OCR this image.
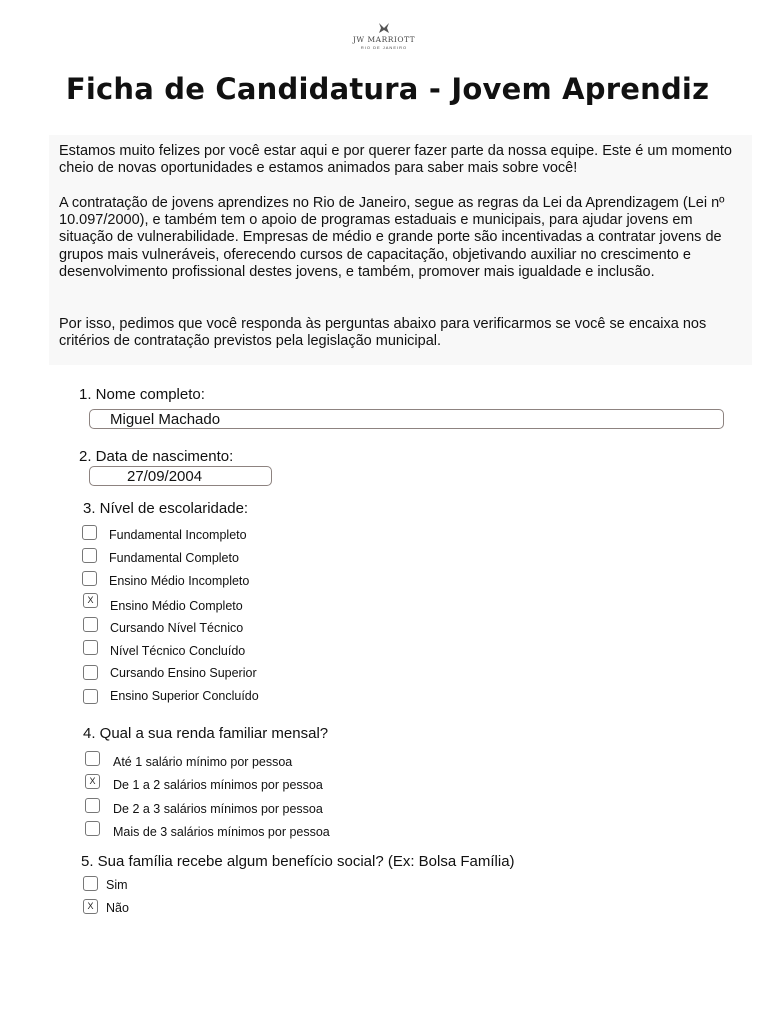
JW MARRIOTT
RIO DE JANEIRO
Ficha de Candidatura - Jovem Aprendiz

Estamos muito felizes por você estar aqui e por querer fazer parte da nossa equipe. Este é um momento cheio de novas oportunidades e estamos animados para saber mais sobre você!

A contratação de jovens aprendizes no Rio de Janeiro, segue as regras da Lei da Aprendizagem (Lei nº 10.097/2000), e também tem o apoio de programas estaduais e municipais, para ajudar jovens em situação de vulnerabilidade. Empresas de médio e grande porte são incentivadas a contratar jovens de grupos mais vulneráveis, oferecendo cursos de capacitação, objetivando auxiliar no crescimento e desenvolvimento profissional destes jovens, e também, promover mais igualdade e inclusão.

Por isso, pedimos que você responda às perguntas abaixo para verificarmos se você se encaixa nos critérios de contratação previstos pela legislação municipal.

1. Nome completo:
Miguel Machado
2. Data de nascimento:
27/09/2004
3. Nível de escolaridade:
Fundamental Incompleto
Fundamental Completo
Ensino Médio Incompleto
X	Ensino Médio Completo
Cursando Nível Técnico
Nível Técnico Concluído
Cursando Ensino Superior
Ensino Superior Concluído
4. Qual a sua renda familiar mensal?
Até 1 salário mínimo por pessoa
X	De 1 a 2 salários mínimos por pessoa
De 2 a 3 salários mínimos por pessoa
Mais de 3 salários mínimos por pessoa
5. Sua família recebe algum benefício social? (Ex: Bolsa Família)
Sim
X	Não
